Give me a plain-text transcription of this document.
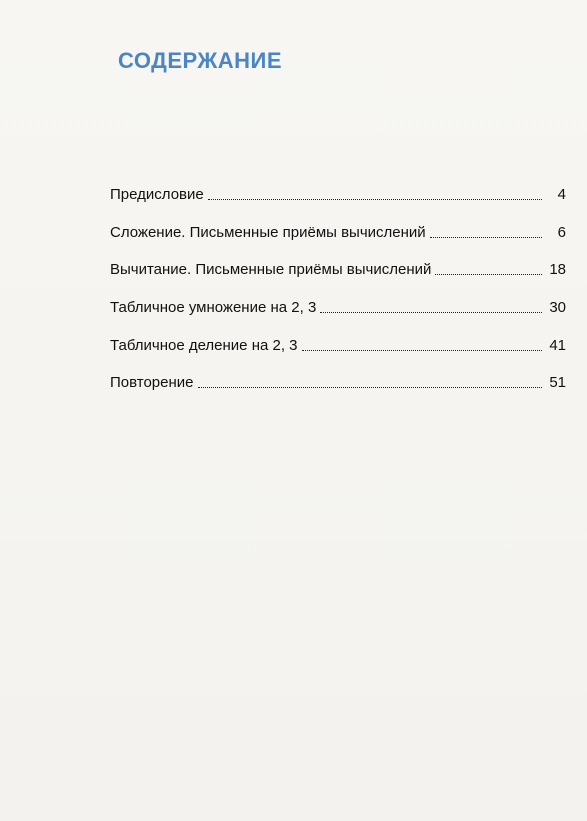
СОДЕРЖАНИЕ
Предисловие	4
Сложение. Письменные приёмы вычислений	6
Вычитание. Письменные приёмы вычислений	18
Табличное умножение на 2, 3	30
Табличное деление на 2, 3	41
Повторение	51
